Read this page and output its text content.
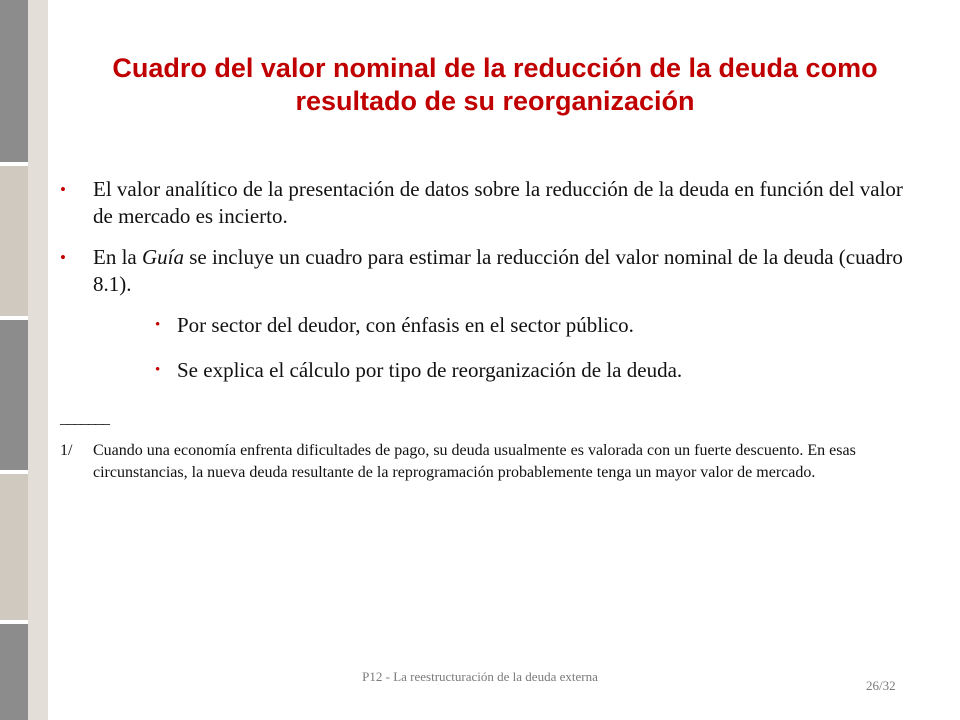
Cuadro del valor nominal de la reducción de la deuda como resultado de su reorganización
• El valor analítico de la presentación de datos sobre la reducción de la deuda en función del valor de mercado es incierto.
• En la Guía se incluye un cuadro para estimar la reducción del valor nominal de la deuda (cuadro 8.1).
• Por sector del deudor, con énfasis en el sector público.
• Se explica el cálculo por tipo de reorganización de la deuda.
_______
1/ Cuando una economía enfrenta dificultades de pago, su deuda usualmente es valorada con un fuerte descuento. En esas circunstancias, la nueva deuda resultante de la reprogramación probablemente tenga un mayor valor de mercado.
P12 - La reestructuración de la deuda externa
26/32
